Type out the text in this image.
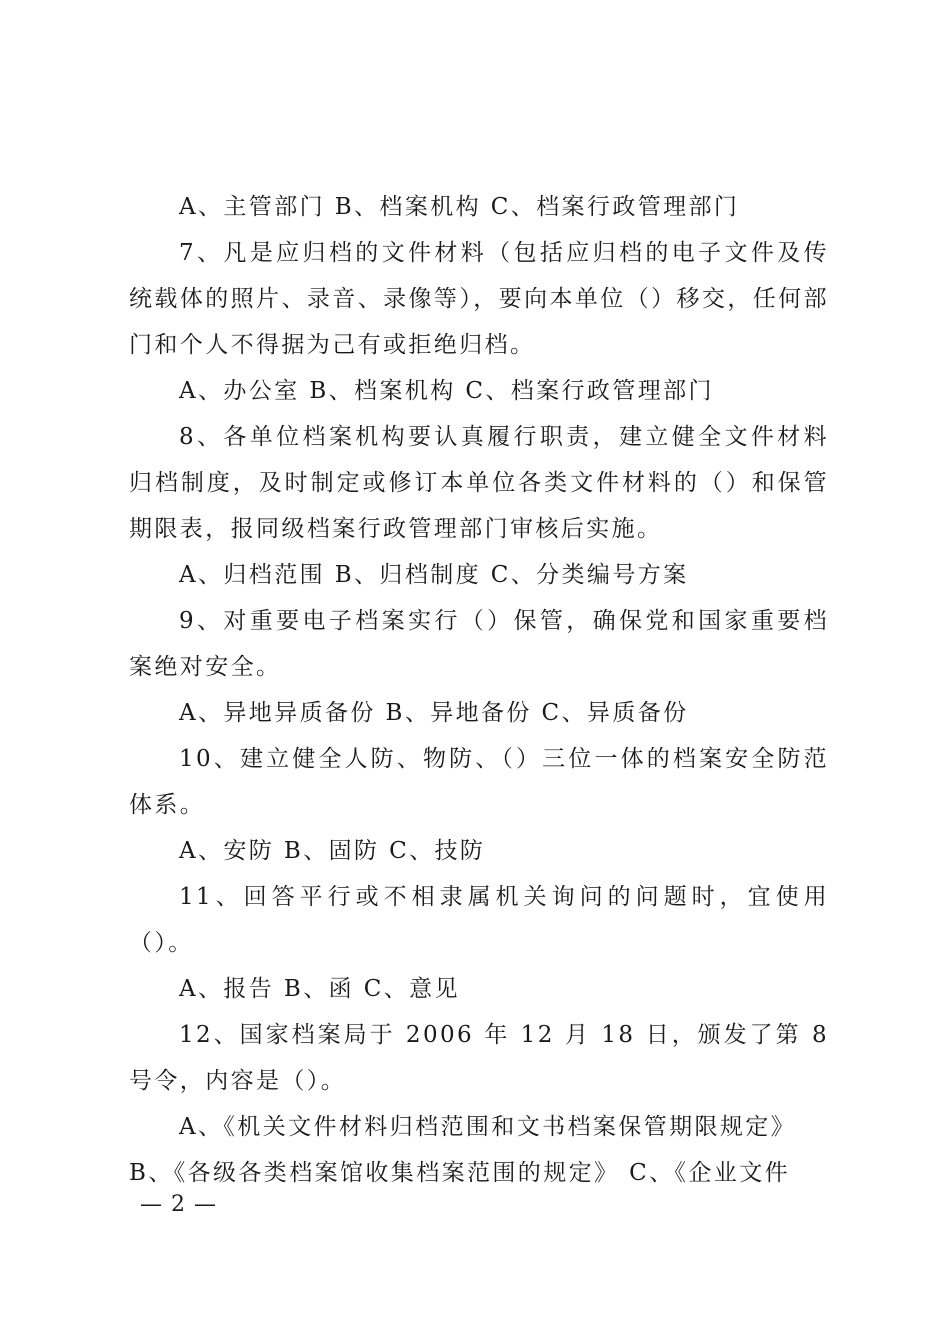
A、主管部门 B、档案机构 C、档案行政管理部门

7、凡是应归档的文件材料（包括应归档的电子文件及传统载体的照片、录音、录像等），要向本单位（）移交，任何部门和个人不得据为己有或拒绝归档。

A、办公室 B、档案机构 C、档案行政管理部门

8、各单位档案机构要认真履行职责，建立健全文件材料归档制度，及时制定或修订本单位各类文件材料的（）和保管期限表，报同级档案行政管理部门审核后实施。

A、归档范围 B、归档制度 C、分类编号方案

9、对重要电子档案实行（）保管，确保党和国家重要档案绝对安全。

A、异地异质备份 B、异地备份 C、异质备份

10、建立健全人防、物防、（）三位一体的档案安全防范体系。

A、安防 B、固防 C、技防

11、回答平行或不相隶属机关询问的问题时，宜使用（）。

A、报告 B、函 C、意见

12、国家档案局于 2006 年 12 月 18 日，颁发了第 8 号令，内容是（）。

A、《机关文件材料归档范围和文书档案保管期限规定》

B、《各级各类档案馆收集档案范围的规定》 C、《企业文件

— 2 —
